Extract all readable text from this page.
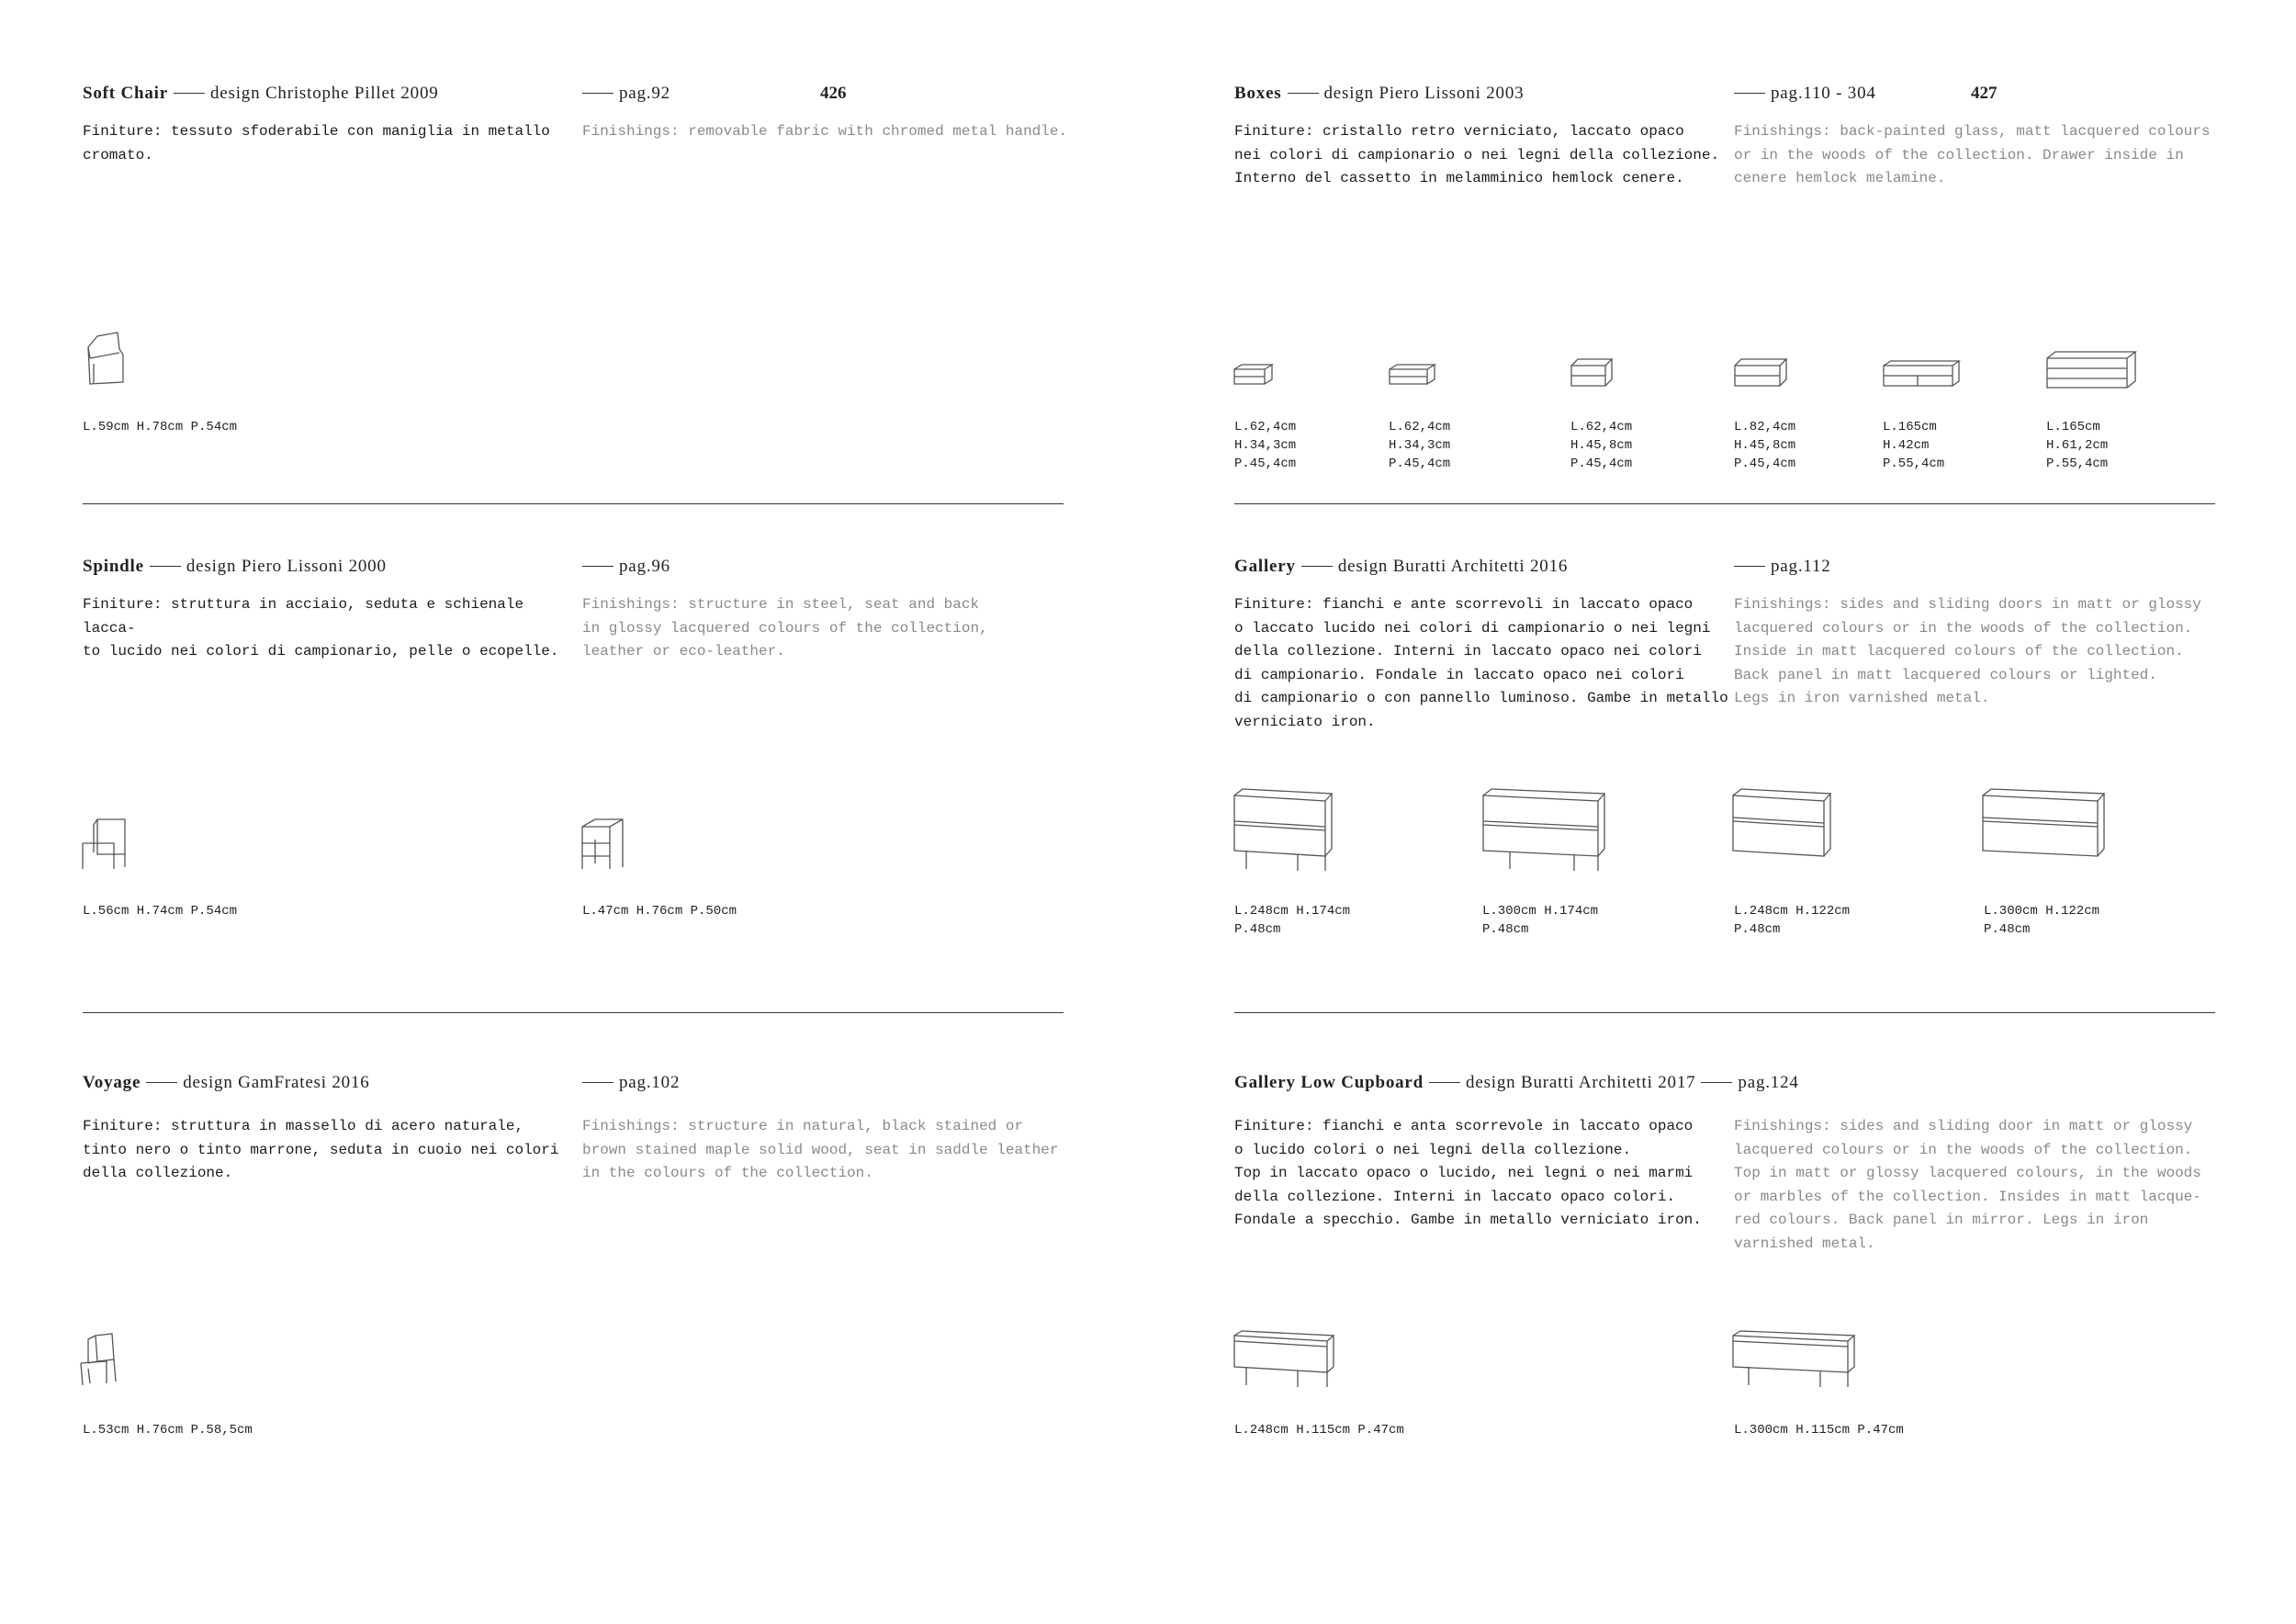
426	427
Soft Chair design Christophe Pillet 2009	pag.92
Finiture: tessuto sfoderabile con maniglia in metallo
cromato.
Finishings: removable fabric with chromed metal handle.
L.59cm H.78cm P.54cm
Spindle design Piero Lissoni 2000	pag.96
Finiture: struttura in acciaio, seduta e schienale lacca-
to lucido nei colori di campionario, pelle o ecopelle.
Finishings: structure in steel, seat and back
in glossy lacquered colours of the collection,
leather or eco-leather.
L.56cm H.74cm P.54cm	L.47cm H.76cm P.50cm
Voyage design GamFratesi 2016	pag.102
Finiture: struttura in massello di acero naturale,
tinto nero o tinto marrone, seduta in cuoio nei colori
della collezione.
Finishings: structure in natural, black stained or
brown stained maple solid wood, seat in saddle leather
in the colours of the collection.
L.53cm H.76cm P.58,5cm
Boxes design Piero Lissoni 2003	pag.110 - 304
Finiture: cristallo retro verniciato, laccato opaco
nei colori di campionario o nei legni della collezione.
Interno del cassetto in melamminico hemlock cenere.
Finishings: back-painted glass, matt lacquered colours
or in the woods of the collection. Drawer inside in
cenere hemlock melamine.
L.62,4cm
H.34,3cm
P.45,4cm
L.62,4cm
H.34,3cm
P.45,4cm
L.62,4cm
H.45,8cm
P.45,4cm
L.82,4cm
H.45,8cm
P.45,4cm
L.165cm
H.42cm
P.55,4cm
L.165cm
H.61,2cm
P.55,4cm
Gallery design Buratti Architetti 2016	pag.112
Finiture: fianchi e ante scorrevoli in laccato opaco
o laccato lucido nei colori di campionario o nei legni
della collezione. Interni in laccato opaco nei colori
di campionario. Fondale in laccato opaco nei colori
di campionario o con pannello luminoso. Gambe in metallo
verniciato iron.
Finishings: sides and sliding doors in matt or glossy
lacquered colours or in the woods of the collection.
Inside in matt lacquered colours of the collection.
Back panel in matt lacquered colours or lighted.
Legs in iron varnished metal.
L.248cm H.174cm
P.48cm
L.300cm H.174cm
P.48cm
L.248cm H.122cm
P.48cm
L.300cm H.122cm
P.48cm
Gallery Low Cupboard design Buratti Architetti 2017 pag.124
Finiture: fianchi e anta scorrevole in laccato opaco
o lucido colori o nei legni della collezione.
Top in laccato opaco o lucido, nei legni o nei marmi
della collezione. Interni in laccato opaco colori.
Fondale a specchio. Gambe in metallo verniciato iron.
Finishings: sides and sliding door in matt or glossy
lacquered colours or in the woods of the collection.
Top in matt or glossy lacquered colours, in the woods
or marbles of the collection. Insides in matt lacque-
red colours. Back panel in mirror. Legs in iron
varnished metal.
L.248cm H.115cm P.47cm	L.300cm H.115cm P.47cm
